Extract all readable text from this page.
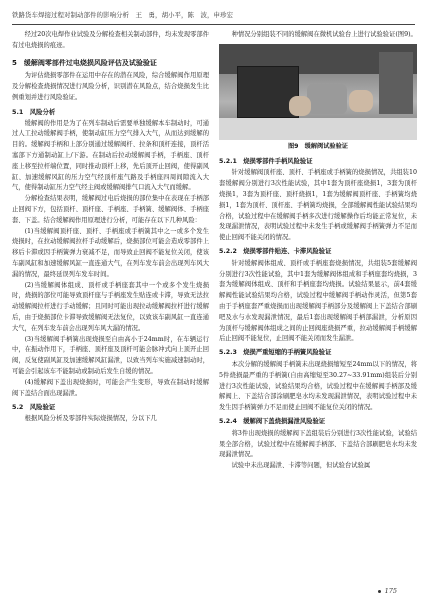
铁路货车焊接过程对制动部件的影响分析　王　勇，胡小平，陈　波，申珍宏

经过20次电焊作业试验及分解检查相关制动部件，均未发现零部件有过电烧损的痕迹。

5　缓解阀零部件过电烧损风险评估及试验验证

为评估烧损零部件在运用中存在的潜在风险，综合缓解阀作用原理及分解检查烧损情况进行风险分析，识别潜在风险点，结合烧损发生比例重划并进行风险验证。

5.1　风险分析

缓解阀的作用是为了在列车制动后需要单独缓解本车制动时，可通过人工拉动缓解阀手柄，使制动缸压力空气排入大气，从而达到缓解的目的。缓解阀手柄和上部分别通过缓解阀杆、拉条和顶杆连接，顶杆活塞部下方通制动缸上/下游。在制动后拉动缓解阀手柄，手柄座、顶杆座上移至拉杆端位置，同时推动顶杆上移，先后顶开止回阀，使得副风缸、加速缓解风缸的压力空气经顶杆座气路及手柄座四周间隙流入大气，使得制动缸压力空气经主阀或缓解阀排气口流入大气而缓解。

分解检查结果表明，缓解阀过电后烧损的部位集中在表现在手柄部止回阀下方，包括顶杆、顶杆座、手柄座、手柄簧、缓解阀体、手柄座套、下盖。结合缓解阀作用原理进行分析，可能存在以下几种风险：

(1)当缓解阀顶杆座、顶杆、手柄座或手柄簧其中之一或多个发生烧损时，在拉动缓解阀拉杆手动缓解后，烧损部位可能会造成零部件上移后卡滞或因手柄簧弹力衰减不足，而导致止回阀不能复位关闭，使该车副风缸和加速缓解风缸一直连通大气，在列车发车前会出现列车风大漏的情况，最终延误列车发车时间。

(2)当缓解阀体组成、顶杆或手柄座套其中一个或多个发生烧损时，烧损的部位可能导致顶杆座与手柄座发生贴连或卡滞，导致无法拉动缓解阀拉杆进行手动缓解；且同时可能出现拉动缓解阀拉杆进行缓解后，由于烧损部位卡滞导致缓解阀无法复位，以致该车副风缸一直连通大气，在列车发车前会出现列车风大漏的情况。

(3)当缓解阀手柄簧出现烧损至自由高小于24mm时，在车辆运行中，在振动作用下，手柄座、顶杆座及顶杆可能会脉冲式向上顶开止回阀，反复使副风缸及加速缓解风缸漏泄，以致当列车实施减速制动时，可能会引起该车不能制动或制动后发生自缓的情况。

(4)缓解阀下盖出现烧损时，可能会产生变形，导致在制动时缓解阀下盖结合面出现漏泄。

5.2　风险验证

根据风险分析及零部件实际烧损情况，分以下几

种情况分别组装不同的缓解阀在微机试验台上进行试验验证(图9)。

图9　缓解阀试验验证
5.2.1　烧损零部件手柄风险验证

针对缓解阀顶杆座、顶杆、手柄座或手柄簧的烧损情况，共组装10套缓解阀分别进行3次性能试验，其中1套为顶杆座烧损1，3套为顶杆烧损1，3套为顶杆座、顶杆烧损1，1套为缓解阀顶杆座、手柄簧均烧损1，1套为顶杆、顶杆座、手柄簧均烧损，全部缓解阀性能试验结果均合格，试验过程中在缓解阀手柄多次进行缓解操作后均能正常复位，未发现漏泄情况，表明试验过程中未发生手柄或缓解阀手柄簧弹力不足而使止回阀不能关闭的情况。

5.2.2　烧损零部件贴连、卡滞风险验证

针对缓解阀体组成、顶杆或手柄座套烧损情况，共组装5套缓解阀分别进行3次性能试验，其中1套为缓解阀体组成和手柄座套均烧损，3套为缓解阀体组成、顶杆和手柄座套均烧损。试验结果显示，前4套缓解阀性能试验结果均合格，试验过程中缓解阀手柄动作灵活，但第5套由于手柄座套严重烧损而出现缓解阀手柄部分及缓解阀上下盖结合部刷吧及水与水发现漏泄情况，最后1套出现缓解阀手柄部漏泄，分析原因为顶杆与缓解阀体组成之间的止回阀座烧损严重，拉动缓解阀手柄缓解后止回阀不能复位，止回阀不能关闭而发生漏泄。

5.2.3　烧损严重短缩的手柄簧风险验证

本次分解的缓解阀手柄簧未出现烧损缩短至24mm以下的情况，将5件烧损最严重的手柄簧(自由高缩短至30.27~33.91mm)组装后分别进行3次性能试验，试验结果均合格，试验过程中在缓解阀手柄部及缓解阀上、下盖结合部涂刷肥皂水均未发现漏泄情况，表明试验过程中未发生因手柄簧弹力不足而使止回阀不能复位关闭的情况。

5.2.4　缓解阀下盖烧损漏泄风险验证

将3件出现烧损的缓解阀下盖组装后分别进行3次性能试验，试验结果全部合格，试验过程中在缓解阀手柄部、下盖结合部刷肥皂水均未发现漏泄情况。

试验中未出现漏泄、卡滞等问题，但试验台试验属

175
